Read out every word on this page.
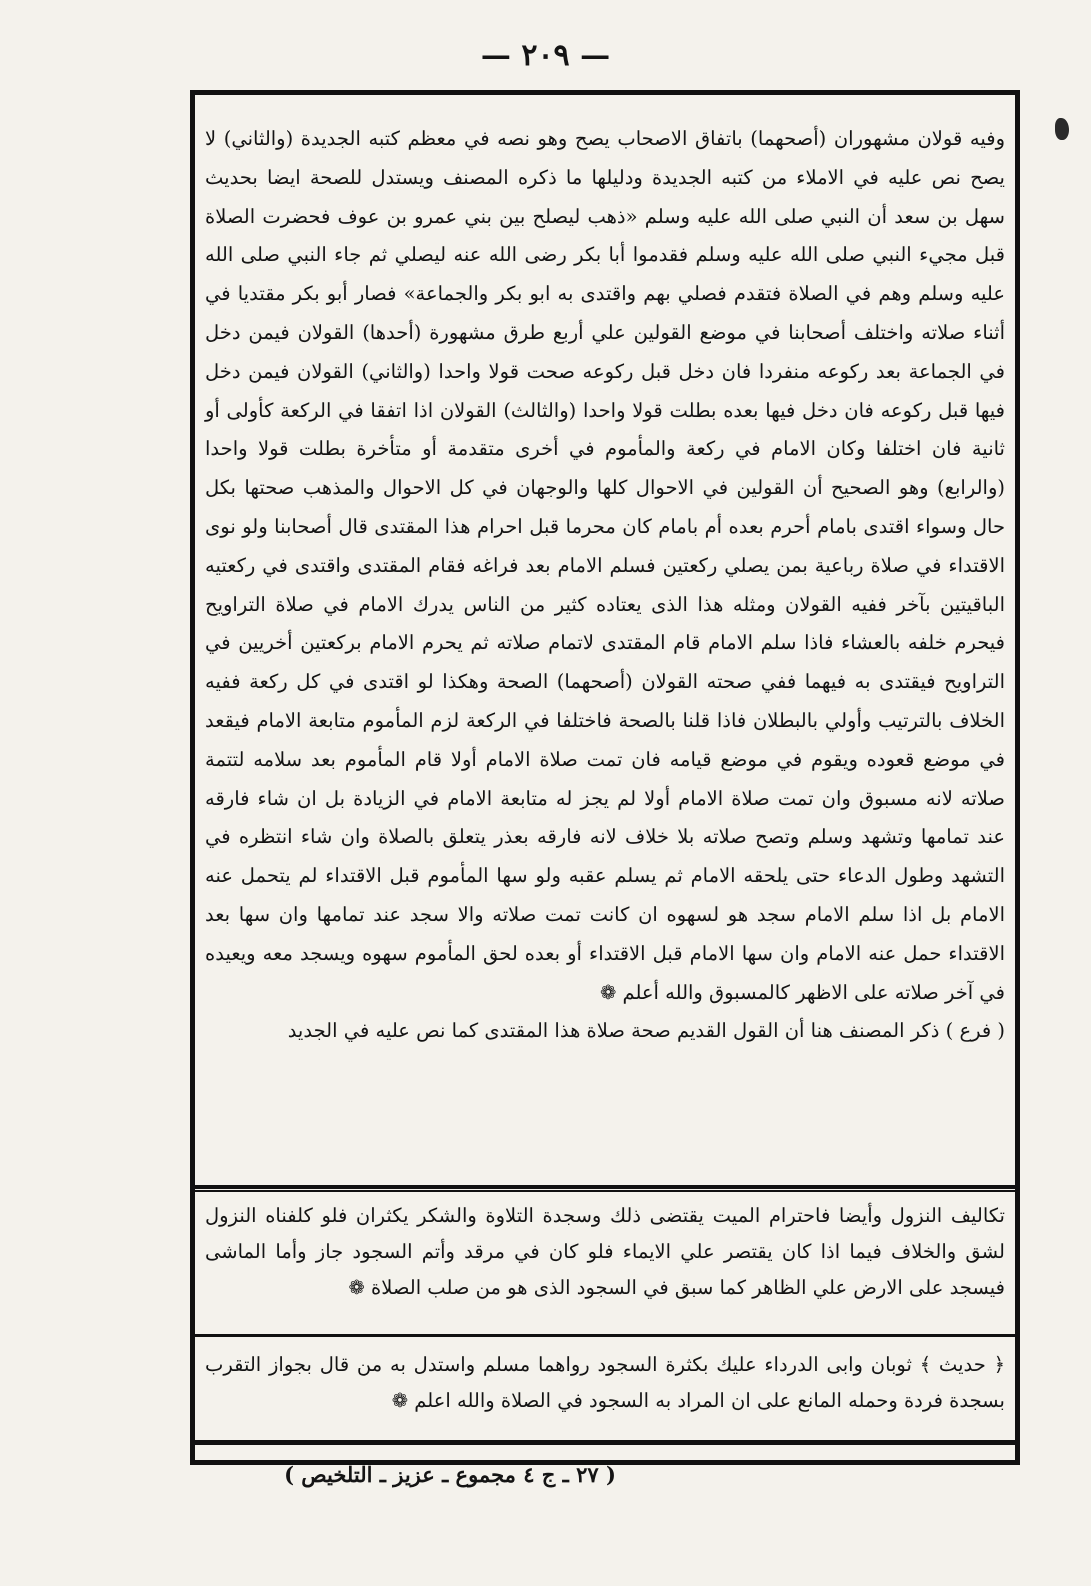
— ٢٠٩ —

وفيه قولان مشهوران (أصحهما) باتفاق الاصحاب يصح وهو نصه في معظم كتبه الجديدة (والثاني) لا يصح نص عليه في الاملاء من كتبه الجديدة ودليلها ما ذكره المصنف ويستدل للصحة ايضا بحديث سهل بن سعد أن النبي صلى الله عليه وسلم «ذهب ليصلح بين بني عمرو بن عوف فحضرت الصلاة قبل مجيء النبي صلى الله عليه وسلم فقدموا أبا بكر رضى الله عنه ليصلي ثم جاء النبي صلى الله عليه وسلم وهم في الصلاة فتقدم فصلي بهم واقتدى به ابو بكر والجماعة» فصار أبو بكر مقتديا في أثناء صلاته واختلف أصحابنا في موضع القولين علي أربع طرق مشهورة (أحدها) القولان فيمن دخل في الجماعة بعد ركوعه منفردا فان دخل قبل ركوعه صحت قولا واحدا (والثاني) القولان فيمن دخل فيها قبل ركوعه فان دخل فيها بعده بطلت قولا واحدا (والثالث) القولان اذا اتفقا في الركعة كأولى أو ثانية فان اختلفا وكان الامام في ركعة والمأموم في أخرى متقدمة أو متأخرة بطلت قولا واحدا (والرابع) وهو الصحيح أن القولين في الاحوال كلها والوجهان في كل الاحوال والمذهب صحتها بكل حال وسواء اقتدى بامام أحرم بعده أم بامام كان محرما قبل احرام هذا المقتدى قال أصحابنا ولو نوى الاقتداء في صلاة رباعية بمن يصلي ركعتين فسلم الامام بعد فراغه فقام المقتدى واقتدى في ركعتيه الباقيتين بآخر ففيه القولان ومثله هذا الذى يعتاده كثير من الناس يدرك الامام في صلاة التراويح فيحرم خلفه بالعشاء فاذا سلم الامام قام المقتدى لاتمام صلاته ثم يحرم الامام بركعتين أخريين في التراويح فيقتدى به فيهما ففي صحته القولان (أصحهما) الصحة وهكذا لو اقتدى في كل ركعة ففيه الخلاف بالترتيب وأولي بالبطلان فاذا قلنا بالصحة فاختلفا في الركعة لزم المأموم متابعة الامام فيقعد في موضع قعوده ويقوم في موضع قيامه فان تمت صلاة الامام أولا قام المأموم بعد سلامه لتتمة صلاته لانه مسبوق وان تمت صلاة الامام أولا لم يجز له متابعة الامام في الزيادة بل ان شاء فارقه عند تمامها وتشهد وسلم وتصح صلاته بلا خلاف لانه فارقه بعذر يتعلق بالصلاة وان شاء انتظره في التشهد وطول الدعاء حتى يلحقه الامام ثم يسلم عقبه ولو سها المأموم قبل الاقتداء لم يتحمل عنه الامام بل اذا سلم الامام سجد هو لسهوه ان كانت تمت صلاته والا سجد عند تمامها وان سها بعد الاقتداء حمل عنه الامام وان سها الامام قبل الاقتداء أو بعده لحق المأموم سهوه ويسجد معه ويعيده في آخر صلاته على الاظهر كالمسبوق والله أعلم ❁

( فرع ) ذكر المصنف هنا أن القول القديم صحة صلاة هذا المقتدى كما نص عليه في الجديد

تكاليف النزول وأيضا فاحترام الميت يقتضى ذلك وسجدة التلاوة والشكر يكثران فلو كلفناه النزول لشق والخلاف فيما اذا كان يقتصر علي الايماء فلو كان في مرقد وأتم السجود جاز وأما الماشى فيسجد على الارض علي الظاهر كما سبق في السجود الذى هو من صلب الصلاة ❁

﴿ حديث ﴾ ثوبان وابى الدرداء عليك بكثرة السجود رواهما مسلم واستدل به من قال بجواز التقرب بسجدة فردة وحمله المانع على ان المراد به السجود في الصلاة والله اعلم ❁

( ٢٧ ـ ج ٤ مجموع ـ عزيز ـ التلخيص )
